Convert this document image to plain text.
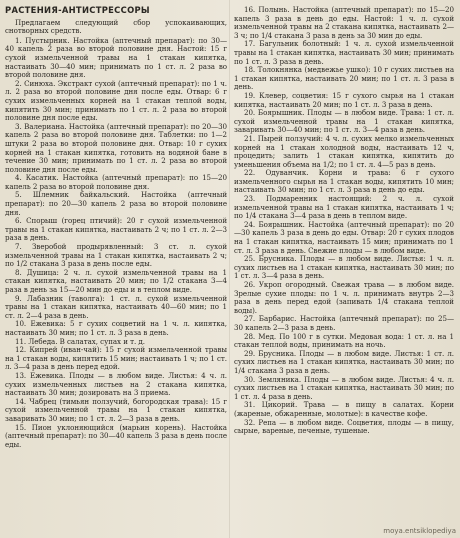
РАСТЕНИЯ-АНТИСТРЕССОРЫ

Предлагаем следующий сбор успокаивающих, снотворных средств.

1. Пустырник. Настойка (аптечный препарат): по 30—40 капель 2 раза во второй половине дня. Настой: 15 г сухой измельченной травы на 1 стакан кипятка, настаивать 30—40 мин; принимать по 1 ст. л. 2 раза во второй половине дня.

2. Синюха. Экстракт сухой (аптечный препарат): по 1 ч. л. 2 раза во второй половине дня после еды. Отвар: 6 г сухих измельченных корней на 1 стакан теплой воды, кипятить 30 мин; принимать по 1 ст. л. 2 раза во второй половине дня после еды.

3. Валериана. Настойка (аптечный препарат): по 20—30 капель 2 раза во второй половине дня. Таблетки: по 1—2 штуки 2 раза во второй половине дня. Отвар: 10 г сухих корней на 1 стакан кипятка, готовить на водяной бане в течение 30 мин; принимать по 1 ст. л. 2 раза во второй половине дня после еды.

4. Касатик. Настойка (аптечный препарат): по 15—20 капель 2 раза во второй половине дня.

5. Шлемник байкальский. Настойка (аптечный препарат): по 20—30 капель 2 раза во второй половине дня.

6. Спорыш (горец птичий): 20 г сухой измельченной травы на 1 стакан кипятка, настаивать 2 ч; по 1 ст. л. 2—3 раза в день.

7. Зверобой продырявленный: 3 ст. л. сухой измельченной травы на 1 стакан кипятка, настаивать 2 ч; по 1/2 стакана 3 раза в день после еды.

8. Душица: 2 ч. л. сухой измельченной травы на 1 стакан кипятка, настаивать 20 мин; по 1/2 стакана 3—4 раза в день за 15—20 мин до еды и в теплом виде.

9. Лабазник (таволга): 1 ст. л. сухой измельченной травы на 1 стакан кипятка, настаивать 40—60 мин; по 1 ст. л. 2—4 раза в день.

10. Ежевика: 5 г сухих соцветий на 1 ч. л. кипятка, настаивать 30 мин; по 1 ст. л. 3 раза в день.

11. Лебеда. В салатах, супах и т. д.

12. Кипрей (иван-чай): 15 г сухой измельченной травы на 1 стакан воды, кипятить 15 мин; настаивать 1 ч; по 1 ст. л. 3—4 раза в день перед едой.

13. Ежевика. Плоды — в любом виде. Листья: 4 ч. л. сухих измельченных листьев на 2 стакана кипятка, настаивать 30 мин; дозировать на 3 приема.

14. Чабрец (тимьян ползучий, богородская трава): 15 г сухой измельченной травы на 1 стакан кипятка, заваривать 30 мин; по 1 ст. л. 2—3 раза в день.

15. Пион уклоняющийся (марьин корень). Настойка (аптечный препарат): по 30—40 капель 3 раза в день после еды.

16. Полынь. Настойка (аптечный препарат): по 15—20 капель 3 раза в день до еды. Настой: 1 ч. л. сухой измельченной травы на 2 стакана кипятка, настаивать 2—3 ч; по 1/4 стакана 3 раза в день за 30 мин до еды.

17. Багульник болотный: 1 ч. л. сухой измельченной травы на 1 стакан кипятка, настаивать 30 мин; принимать по 1 ст. л. 3 раза в день.

18. Толокнянка (медвежье ушко): 10 г сухих листьев на 1 стакан кипятка, настаивать 20 мин; по 1 ст. л. 3 раза в день.

19. Клевер, соцветия: 15 г сухого сырья на 1 стакан кипятка, настаивать 20 мин; по 1 ст. л. 3 раза в день.

20. Боярышник. Плоды — в любом виде. Трава: 1 ст. л. сухой измельченной травы на 1 стакан кипятка, заваривать 30—40 мин; по 1 ст. л. 3—4 раза в день.

21. Пырей ползучий: 4 ч. л. сухих мелко измельченных корней на 1 стакан холодной воды, настаивать 12 ч, процедить; залить 1 стакан кипятка, кипятить до уменьшения объема на 1/2; по 1 ст. л. 4—5 раз в день.

22. Одуванчик. Корни и трава: 6 г сухого измельченного сырья на 1 стакан воды, кипятить 10 мин; настаивать 30 мин; по 1 ст. л. 3 раза в день до еды.

23. Подмаренник настоящий: 2 ч. л. сухой измельченной травы на 1 стакан кипятка, настаивать 1 ч; по 1/4 стакана 3—4 раза в день в теплом виде.

24. Боярышник. Настойка (аптечный препарат): по 20—30 капель 3 раза в день до еды. Отвар: 20 г сухих плодов на 1 стакан кипятка, настаивать 15 мин; принимать по 1 ст. л. 3 раза в день. Свежие плоды — в любом виде.

25. Брусника. Плоды — в любом виде. Листья: 1 ч. л. сухих листьев на 1 стакан кипятка, настаивать 30 мин; по 1 ст. л. 3—4 раза в день.

26. Укроп огородный. Свежая трава — в любом виде. Зрелые сухие плоды: по 1 ч. л. принимать внутрь 2—3 раза в день перед едой (запивать 1/4 стакана теплой воды).

27. Барбарис. Настойка (аптечный препарат): по 25—30 капель 2—3 раза в день.

28. Мед. По 100 г в сутки. Медовая вода: 1 ст. л. на 1 стакан теплой воды, принимать на ночь.

29. Брусника. Плоды — в любом виде. Листья: 1 ст. л. сухих листьев на 1 стакан кипятка, настаивать 30 мин; по 1/4 стакана 3 раза в день.

30. Земляника. Плоды — в любом виде. Листья: 4 ч. л. сухих листьев на 1 стакан кипятка, настаивать 30 мин; по 1 ст. л. 4 раза в день.

31. Цикорий. Трава — в пищу в салатах. Корни (жареные, обжаренные, молотые): в качестве кофе.

32. Репа — в любом виде. Соцветия, плоды — в пищу, сырые, вареные, печеные, тушеные.

moya.entsiklopediya
